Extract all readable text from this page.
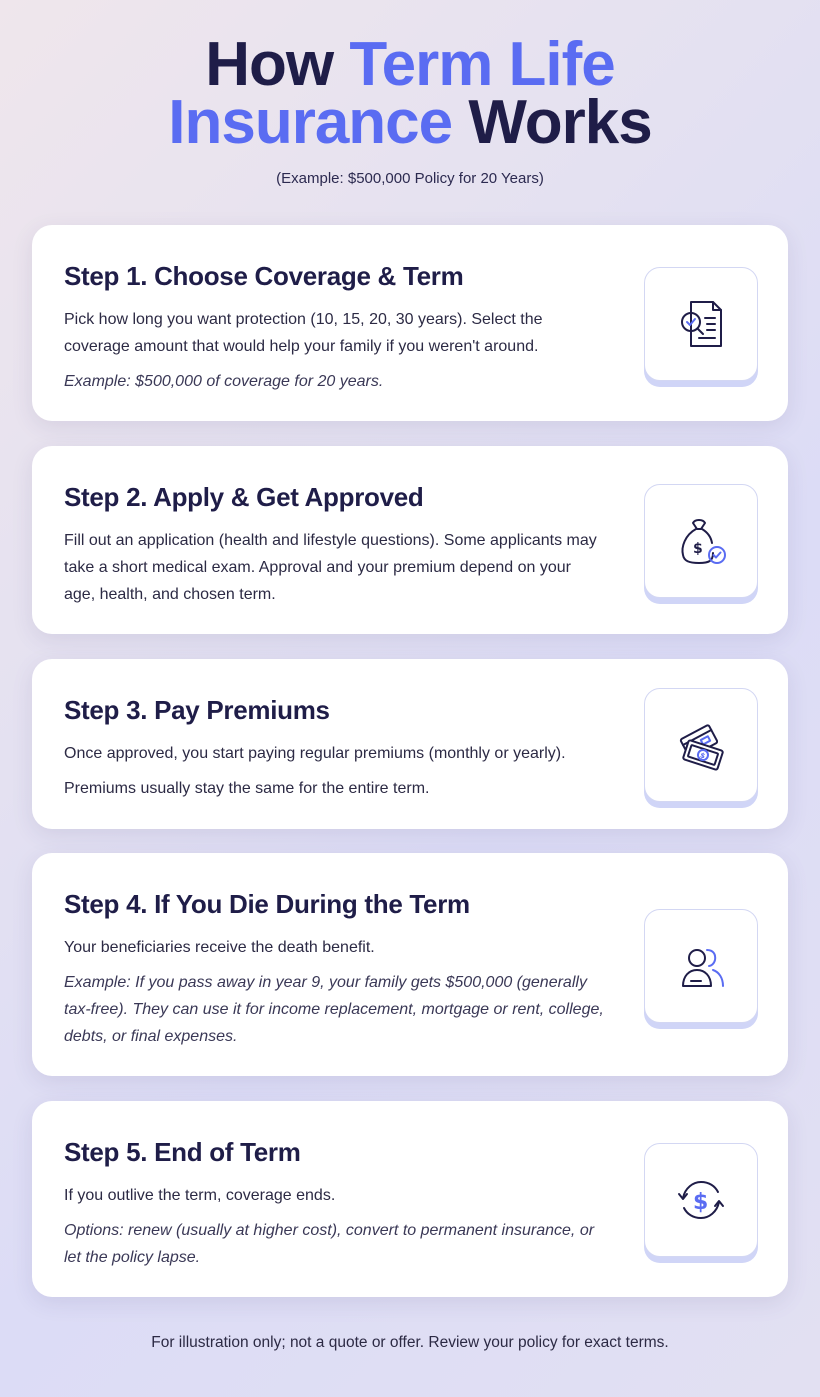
How Term Life
Insurance Works
(Example: $500,000 Policy for 20 Years)
Step 1. Choose Coverage & Term
Pick how long you want protection (10, 15, 20, 30 years). Select the coverage amount that would help your family if you weren't around.
Example: $500,000 of coverage for 20 years.
Step 2. Apply & Get Approved
Fill out an application (health and lifestyle questions). Some applicants may take a short medical exam. Approval and your premium depend on your age, health, and chosen term.
$
Step 3. Pay Premiums
Once approved, you start paying regular premiums (monthly or yearly).
Premiums usually stay the same for the entire term.
$
Step 4. If You Die During the Term
Your beneficiaries receive the death benefit.
Example: If you pass away in year 9, your family gets $500,000 (generally tax-free). They can use it for income replacement, mortgage or rent, college, debts, or final expenses.
Step 5. End of Term
If you outlive the term, coverage ends.
Options: renew (usually at higher cost), convert to permanent insurance, or let the policy lapse.
$
For illustration only; not a quote or offer. Review your policy for exact terms.
